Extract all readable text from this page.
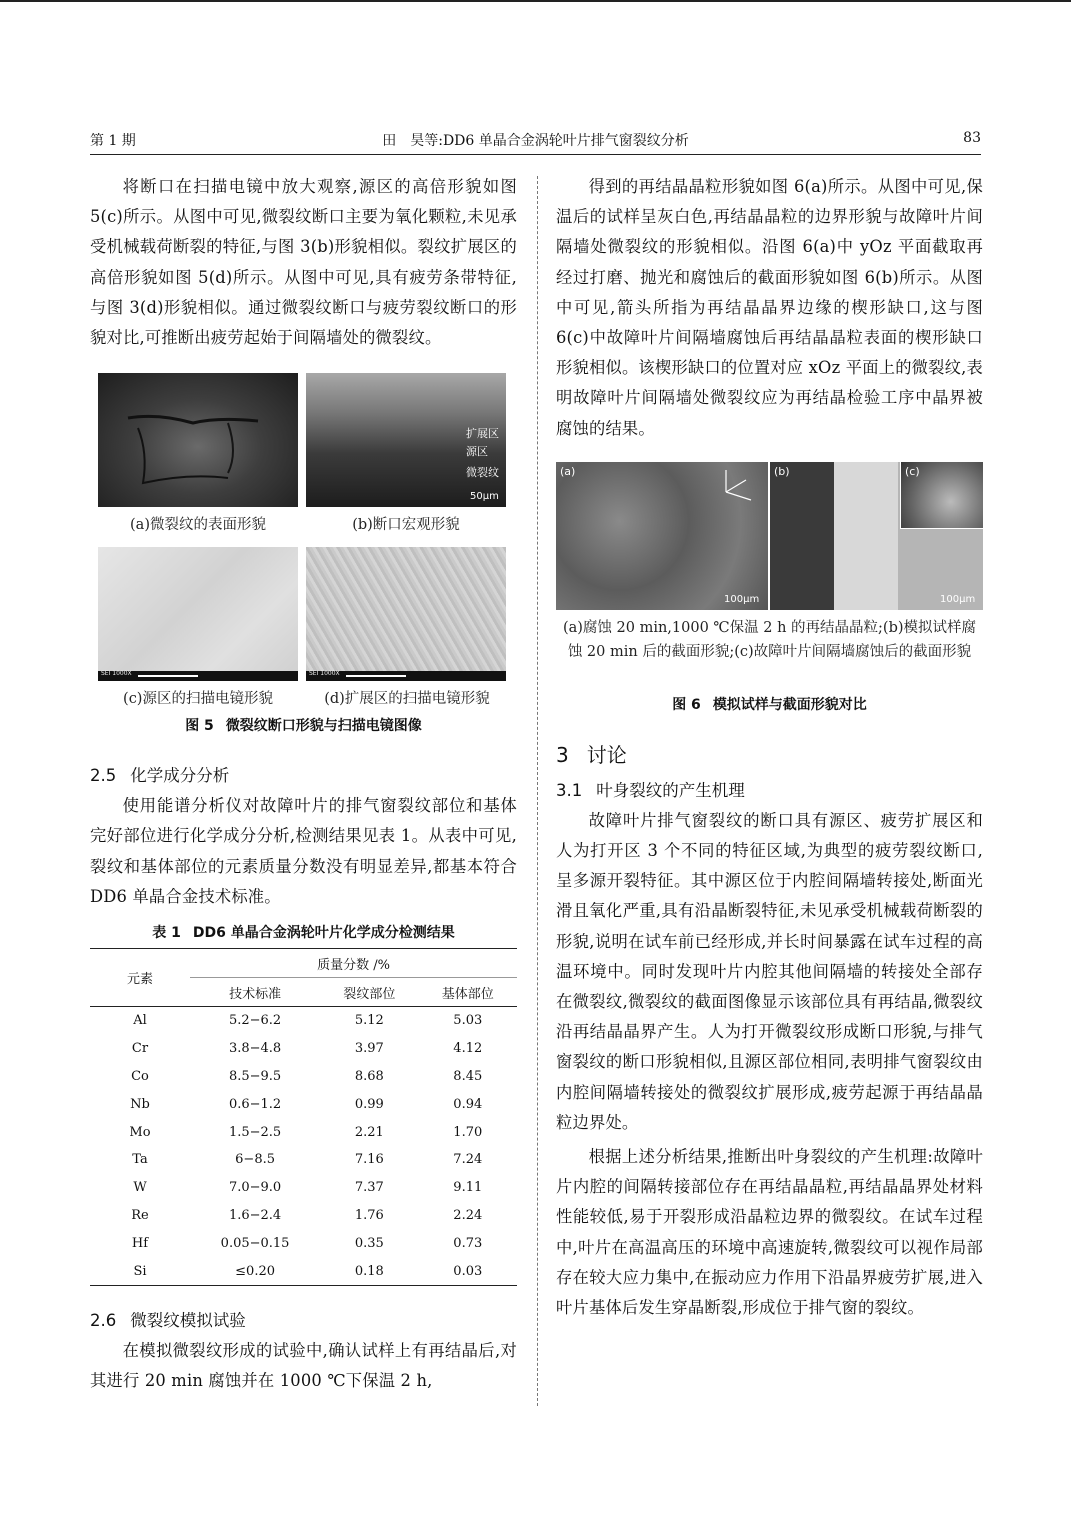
第 1 期	田　昊等:DD6 单晶合金涡轮叶片排气窗裂纹分析	83

将断口在扫描电镜中放大观察,源区的高倍形貌如图 5(c)所示。从图中可见,微裂纹断口主要为氧化颗粒,未见承受机械载荷断裂的特征,与图 3(b)形貌相似。裂纹扩展区的高倍形貌如图 5(d)所示。从图中可见,具有疲劳条带特征,与图 3(d)形貌相似。通过微裂纹断口与疲劳裂纹断口的形貌对比,可推断出疲劳起始于间隔墙处的微裂纹。

扩展区
源区
微裂纹
50μm
(a)微裂纹的表面形貌	(b)断口宏观形貌
SEI 1000X	SEI 1000X
(c)源区的扫描电镜形貌	(d)扩展区的扫描电镜形貌
图 5 微裂纹断口形貌与扫描电镜图像
2.5 化学成分分析

使用能谱分析仪对故障叶片的排气窗裂纹部位和基体完好部位进行化学成分分析,检测结果见表 1。从表中可见,裂纹和基体部位的元素质量分数没有明显差异,都基本符合 DD6 单晶合金技术标准。

表 1 DD6 单晶合金涡轮叶片化学成分检测结果
元素	质量分数 /%		
	技术标准	裂纹部位	基体部位
Al	5.2−6.2	5.12	5.03
Cr	3.8−4.8	3.97	4.12
Co	8.5−9.5	8.68	8.45
Nb	0.6−1.2	0.99	0.94
Mo	1.5−2.5	2.21	1.70
Ta	6−8.5	7.16	7.24
W	7.0−9.0	7.37	9.11
Re	1.6−2.4	1.76	2.24
Hf	0.05−0.15	0.35	0.73
Si	≤0.20	0.18	0.03
2.6 微裂纹模拟试验

在模拟微裂纹形成的试验中,确认试样上有再结晶后,对其进行 20 min 腐蚀并在 1000 ℃下保温 2 h,

得到的再结晶晶粒形貌如图 6(a)所示。从图中可见,保温后的试样呈灰白色,再结晶晶粒的边界形貌与故障叶片间隔墙处微裂纹的形貌相似。沿图 6(a)中 yOz 平面截取再经过打磨、抛光和腐蚀后的截面形貌如图 6(b)所示。从图中可见,箭头所指为再结晶晶界边缘的楔形缺口,这与图 6(c)中故障叶片间隔墙腐蚀后再结晶晶粒表面的楔形缺口形貌相似。该楔形缺口的位置对应 xOz 平面上的微裂纹,表明故障叶片间隔墙处微裂纹应为再结晶检验工序中晶界被腐蚀的结果。

(a)
100μm
(b)	(c)
100μm
(a)腐蚀 20 min,1000 ℃保温 2 h 的再结晶晶粒;(b)模拟试样腐蚀 20 min 后的截面形貌;(c)故障叶片间隔墙腐蚀后的截面形貌
图 6 模拟试样与截面形貌对比
3 讨论
3.1 叶身裂纹的产生机理

故障叶片排气窗裂纹的断口具有源区、疲劳扩展区和人为打开区 3 个不同的特征区域,为典型的疲劳裂纹断口,呈多源开裂特征。其中源区位于内腔间隔墙转接处,断面光滑且氧化严重,具有沿晶断裂特征,未见承受机械载荷断裂的形貌,说明在试车前已经形成,并长时间暴露在试车过程的高温环境中。同时发现叶片内腔其他间隔墙的转接处全部存在微裂纹,微裂纹的截面图像显示该部位具有再结晶,微裂纹沿再结晶晶界产生。人为打开微裂纹形成断口形貌,与排气窗裂纹的断口形貌相似,且源区部位相同,表明排气窗裂纹由内腔间隔墙转接处的微裂纹扩展形成,疲劳起源于再结晶晶粒边界处。

根据上述分析结果,推断出叶身裂纹的产生机理:故障叶片内腔的间隔转接部位存在再结晶晶粒,再结晶晶界处材料性能较低,易于开裂形成沿晶粒边界的微裂纹。在试车过程中,叶片在高温高压的环境中高速旋转,微裂纹可以视作局部存在较大应力集中,在振动应力作用下沿晶界疲劳扩展,进入叶片基体后发生穿晶断裂,形成位于排气窗的裂纹。
